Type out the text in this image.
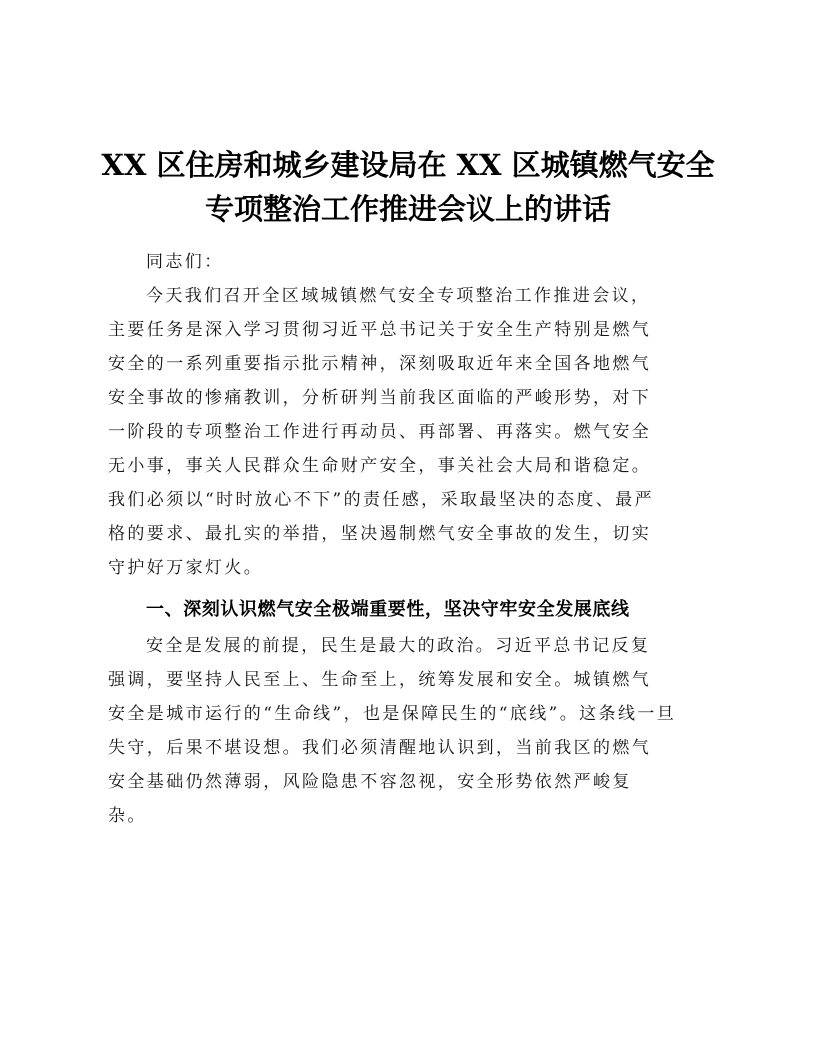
XX 区住房和城乡建设局在 XX 区城镇燃气安全
专项整治工作推进会议上的讲话

同志们：

今天我们召开全区域城镇燃气安全专项整治工作推进会议，
主要任务是深入学习贯彻习近平总书记关于安全生产特别是燃气
安全的一系列重要指示批示精神，深刻吸取近年来全国各地燃气
安全事故的惨痛教训，分析研判当前我区面临的严峻形势，对下
一阶段的专项整治工作进行再动员、再部署、再落实。燃气安全
无小事，事关人民群众生命财产安全，事关社会大局和谐稳定。
我们必须以“时时放心不下”的责任感，采取最坚决的态度、最严
格的要求、最扎实的举措，坚决遏制燃气安全事故的发生，切实
守护好万家灯火。

一、深刻认识燃气安全极端重要性，坚决守牢安全发展底线

安全是发展的前提，民生是最大的政治。习近平总书记反复
强调，要坚持人民至上、生命至上，统筹发展和安全。城镇燃气
安全是城市运行的“生命线”，也是保障民生的“底线”。这条线一旦
失守，后果不堪设想。我们必须清醒地认识到，当前我区的燃气
安全基础仍然薄弱，风险隐患不容忽视，安全形势依然严峻复
杂。
